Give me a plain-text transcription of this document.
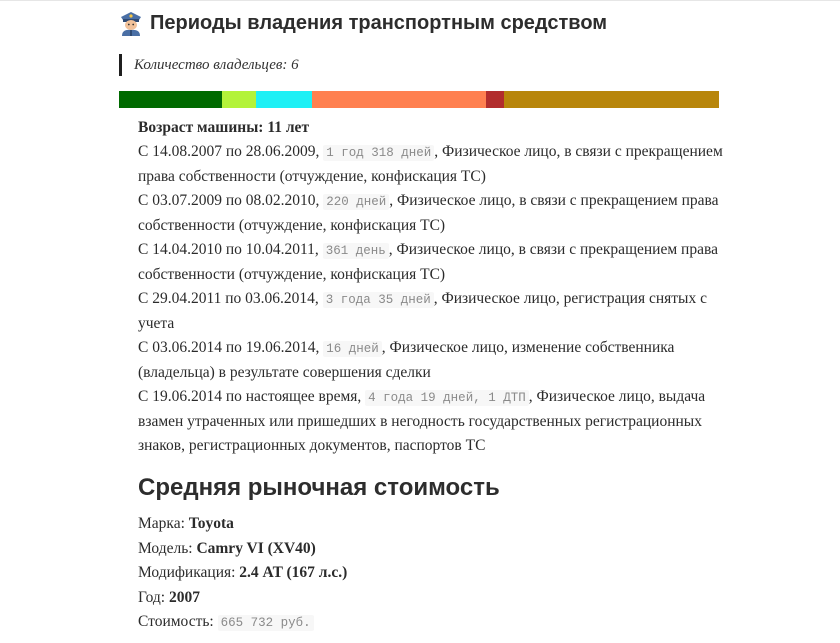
Периоды владения транспортным средством
Количество владельцев: 6

Возраст машины: 11 лет

С 14.08.2007 по 28.06.2009, 1 год 318 дней , Физическое лицо, в связи с прекращением права собственности (отчуждение, конфискация ТС)

С 03.07.2009 по 08.02.2010, 220 дней , Физическое лицо, в связи с прекращением права собственности (отчуждение, конфискация ТС)

С 14.04.2010 по 10.04.2011, 361 день , Физическое лицо, в связи с прекращением права собственности (отчуждение, конфискация ТС)

С 29.04.2011 по 03.06.2014, 3 года 35 дней , Физическое лицо, регистрация снятых с учета

С 03.06.2014 по 19.06.2014, 16 дней , Физическое лицо, изменение собственника (владельца) в результате совершения сделки

С 19.06.2014 по настоящее время, 4 года 19 дней, 1 ДТП , Физическое лицо, выдача взамен утраченных или пришедших в негодность государственных регистрационных знаков, регистрационных документов, паспортов ТС

Средняя рыночная стоимость

Марка: Toyota

Модель: Camry VI (XV40)

Модификация: 2.4 AT (167 л.с.)

Год: 2007

Стоимость: 665 732 руб.
